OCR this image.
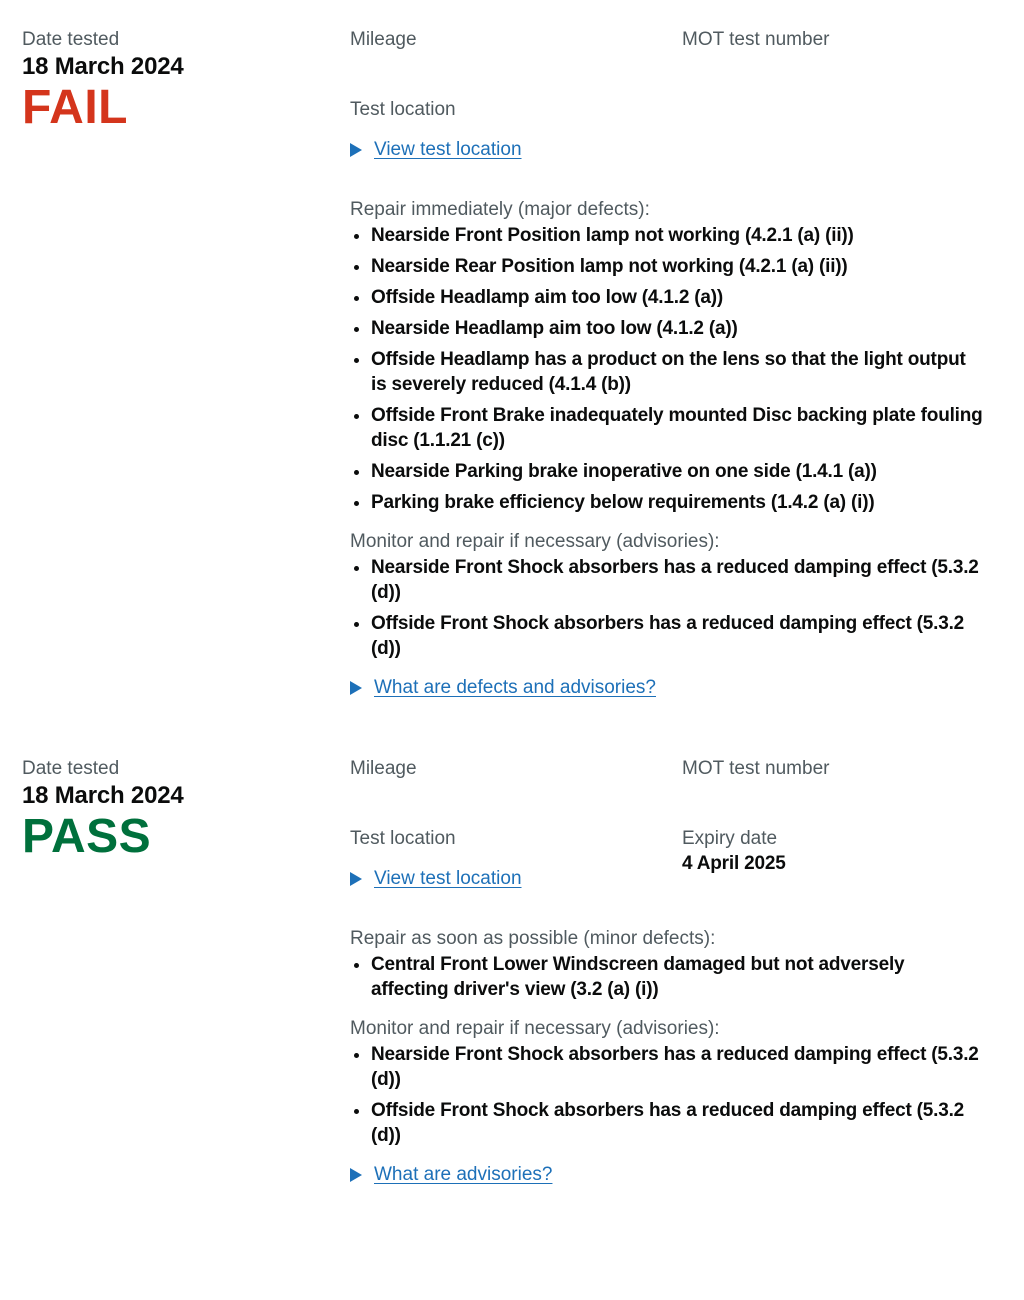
Date tested
18 March 2024
FAIL
Mileage
Test location
View test location
MOT test number

Repair immediately (major defects):

• Nearside Front Position lamp not working (4.2.1 (a) (ii))
• Nearside Rear Position lamp not working (4.2.1 (a) (ii))
• Offside Headlamp aim too low (4.1.2 (a))
• Nearside Headlamp aim too low (4.1.2 (a))
• Offside Headlamp has a product on the lens so that the light output is severely reduced (4.1.4 (b))
• Offside Front Brake inadequately mounted Disc backing plate fouling disc (1.1.21 (c))
• Nearside Parking brake inoperative on one side (1.4.1 (a))
• Parking brake efficiency below requirements (1.4.2 (a) (i))

Monitor and repair if necessary (advisories):

• Nearside Front Shock absorbers has a reduced damping effect (5.3.2 (d))
• Offside Front Shock absorbers has a reduced damping effect (5.3.2 (d))
What are defects and advisories?
Date tested
18 March 2024
PASS
Mileage
Test location
View test location
MOT test number
Expiry date
4 April 2025

Repair as soon as possible (minor defects):

• Central Front Lower Windscreen damaged but not adversely affecting driver's view (3.2 (a) (i))

Monitor and repair if necessary (advisories):

• Nearside Front Shock absorbers has a reduced damping effect (5.3.2 (d))
• Offside Front Shock absorbers has a reduced damping effect (5.3.2 (d))
What are advisories?
